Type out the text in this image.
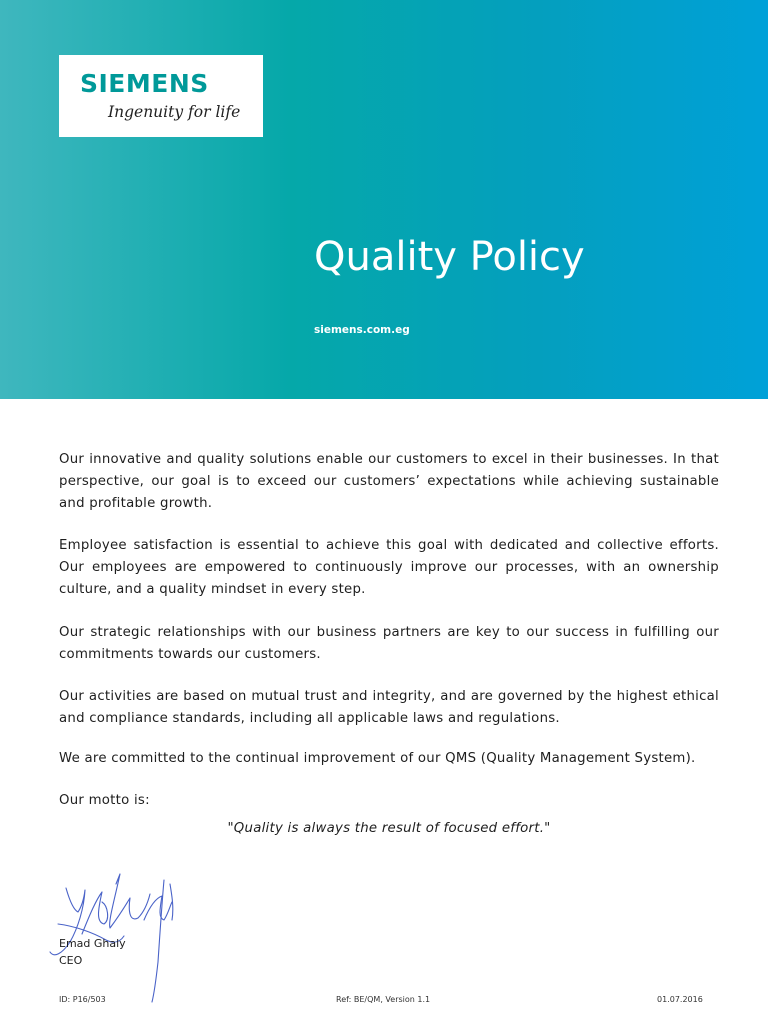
SIEMENS
Ingenuity for life
Quality Policy
siemens.com.eg
Our innovative and quality solutions enable our customers to excel in their businesses. In that perspective, our goal is to exceed our customers’ expectations while achieving sustainable and profitable growth.
Employee satisfaction is essential to achieve this goal with dedicated and collective efforts. Our employees are empowered to continuously improve our processes, with an ownership culture, and a quality mindset in every step.
Our strategic relationships with our business partners are key to our success in fulfilling our commitments towards our customers.
Our activities are based on mutual trust and integrity, and are governed by the highest ethical and compliance standards, including all applicable laws and regulations.
We are committed to the continual improvement of our QMS (Quality Management System).
Our motto is:
"Quality is always the result of focused effort."
Emad Ghaly
CEO
ID: P16/503	Ref: BE/QM, Version 1.1	01.07.2016
